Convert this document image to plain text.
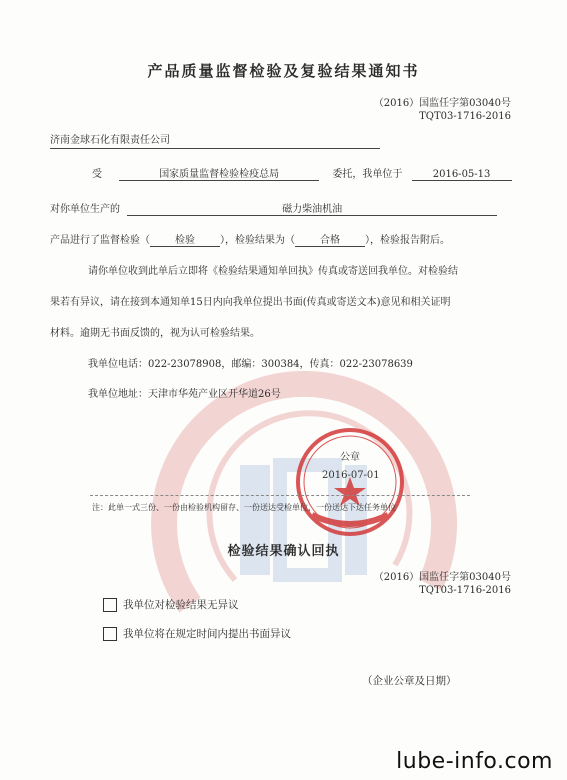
产品质量监督检验及复验结果通知书
（2016）国监任字第03040号
TQT03-1716-2016
济南金球石化有限责任公司
受	国家质量监督检验检疫总局	委托，我单位于	2016-05-13
对你单位生产的	磁力柴油机油
产品进行了监督检验（	检验	），检验结果为（	合格	），检验报告附后。
请你单位收到此单后立即将《检验结果通知单回执》传真或寄送回我单位。对检验结
果若有异议，请在接到本通知单15日内向我单位提出书面(传真或寄送文本)意见和相关证明
材料。逾期无书面反馈的，视为认可检验结果。
我单位电话：022-23078908，邮编：300384，传真：022-23078639
我单位地址：天津市华苑产业区开华道26号
公章
2016-07-01
注：此单一式三份、一份由检验机构留存、一份送达受检单位，一份送达下达任务单位
检验结果确认回执
（2016）国监任字第03040号
TQT03-1716-2016
我单位对检验结果无异议
我单位将在规定时间内提出书面异议
（企业公章及日期）
lube-info.com
